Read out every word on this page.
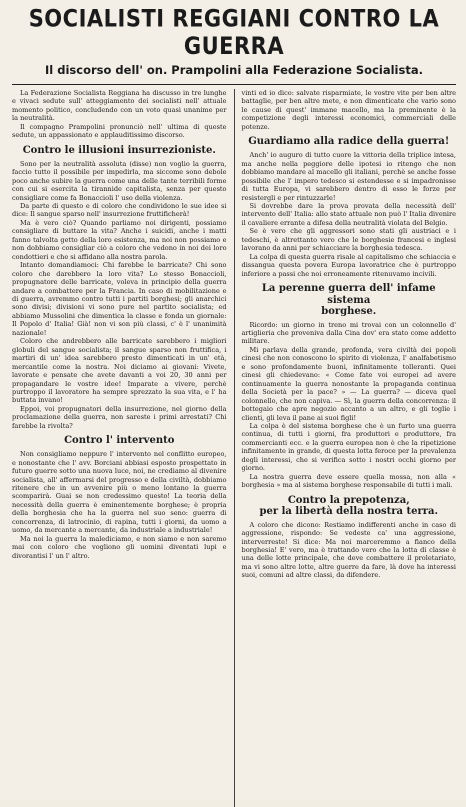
SOCIALISTI REGGIANI CONTRO LA GUERRA
Il discorso dell' on. Prampolini alla Federazione Socialista.

La Federazione Socialista Reggiana ha discusso in tre lunghe e vivaci sedute sull' atteggiamento dei socialisti nell' attuale momento politico, concludendo con un voto quasi unanime per la neutralità.

Il compagno Prampolini pronunciò nell' ultima di queste sedute, un appassionato e applauditissimo discorso.

Contro le illusioni insurrezioniste.

Sono per la neutralità assoluta (disse) non voglio la guerra, faccio tutto il possibile per impedirla, ma siccome sono debole poco anche subire la guerra come una delle tante terribili forme con cui si esercita la tirannide capitalista, senza per questo consigliare come fa Bonaccioli l' uso della violenza.

Da parte di questo e di coloro che condividono le sue idee si dice: Il sangue sparso nell' insurrezione fruttificherà!

Ma è vero ciò? Quando parliamo noi dirigenti, possiamo consigliare di buttare la vita? Anche i suicidi, anche i matti fanno talvolta getto della loro esistenza, ma noi non possiamo e non dobbiamo consigliar ciò a coloro che vedono in noi dei loro condottieri e che si affidano alla nostra parola.

Intanto domandiamoci: Chi farebbe le barricate? Chi sono coloro che darebbero la loro vita? Lo stesso Bonaccioli, propugnatore delle barricate, voleva in principio della guerra andare a combattere per la Francia. In caso di mobilitazione e di guerra, avremmo contro tutti i partiti borghesi; gli anarchici sono divisi; divisioni vi sono pure nel partito socialista; ed abbiamo Mussolini che dimentica la classe e fonda un giornale: Il Popolo d' Italia! Già! non vi son più classi, c' è l' unanimità nazionale!

Coloro che andrebbero alle barricate sarebbero i migliori globuli del sangue socialista; il sangue sparso non fruttifica, i martiri di un' idea sarebbero presto dimenticati in un' età, mercantile come la nostra. Noi diciamo ai giovani: Vivete, lavorate e pensate che avete davanti a voi 20, 30 anni per propagandare le vostre idee! Imparate a vivere, perchè purtroppo il lavoratore ha sempre sprezzato la sua vita, e l' ha buttata invano!

Eppoi, voi propugnatori della insurrezione, nel giorno della proclamazione della guerra, non sareste i primi arrestati? Chi farebbe la rivolta?

Contro l' intervento

Non consigliamo neppure l' intervento nel conflitto europeo, e nonostante che l' avv. Borciani abbiasi esposto prospettato in futuro guerre sotto una nuova luce, noi, ne crediamo al divenire socialista, all' affermarsi del progresso e della civiltà, dobbiamo ritenere che in un avvenire più o meno lontano la guerra scomparirà. Guai se non credessimo questo! La teoria della necessità della guerra è eminentemente borghese; è propria della borghesia che ha la guerra nel suo seno: guerra di concorrenza, di latrocinio, di rapina, tutti i giorni, da uomo a uomo, da mercante a mercante, da industriale a industriale!

Ma noi la guerra la malediciamo, e non siamo e non saremo mai con coloro che vogliono gli uomini diventati lupi e divorantisi l' un l' altro.

vinti ed io dico: salvate risparmiate, le vostre vite per ben altre battaglie, per ben altre mete, e non dimenticate che vario sono le cause di quest' immane macello, ma la preminente è la competizione degli interessi economici, commerciali delle potenze.

Guardiamo alla radice della guerra!

Anch' io auguro di tutto cuore la vittoria della triplice intesa, ma anche nella peggiore delle ipotesi io ritengo che non dobbiamo mandare al macello gli italiani, perchè se anche fosse possibile che l' impero tedesco si estendesse e si impadronisse di tutta Europa, vi sarebbero dentro di esso le forze per resistergli e per rintuzzarle!

Si dovrebbe dare la prova provata della necessità dell' intervento dell' Italia: allo stato attuale non può l' Italia divenire il cavaliere errante a difesa della neutralità violata del Belgio.

Se è vero che gli aggressori sono stati gli austriaci e i tedeschi, è altrettanto vero che le borghesie francesi e inglesi lavorano da anni per schiacciare la borghesia tedesca.

La colpa di questa guerra risale al capitalismo che schiaccia e dissangua questa povera Europa lavoratrice che è purtroppo inferiore a passi che noi erroneamente ritenuvamo incivili.

La perenne guerra dell' infame sistema
borghese.

Ricordo: un giorno in treno mi trovai con un colonnello d' artiglieria che proveniva dalla Cina dov' era stato come addetto militare.

Mi parlava della grande, profonda, vera civiltà dei popoli cinesi che non conoscono lo spirito di violenza, l' analfabetismo e sono profondamente buoni, infinitamente tolleranti. Quei cinesi gli chiedevano: « Come fate voi europei ad avere continuamente la guerra nonostante la propaganda continua della Società per la pace? » — La guerra? — diceva quel colonnello, che non capiva. — Sì, la guerra della concorrenza: il bottegaio che apre negozio accanto a un altro, e gli toglie i clienti, gli leva il pane ai suoi figli!

La colpa è del sistema borghese che è un furto una guerra continua, di tutti i giorni, fra produttori e produttore, fra commercianti ecc. e la guerra europea non è che la ripetizione infinitamente in grande, di questa lotta feroce per la prevalenza degli interessi, che si verifica sotto i nostri occhi giorno per giorno.

La nostra guerra deve essere quella mossa, non alla « borghesia » ma al sistema borghese responsabile di tutti i mali.

Contro la prepotenza,
per la libertà della nostra terra.

A coloro che dicono: Restiamo indifferenti anche in caso di aggressione, rispondo: Se vedeste ca' una aggressione, interverreste! Si dice: Ma noi marceremmo a fianco della borghesia! E' vero, ma è trattando vero che la lotta di classe è una delle lotte principale, che deve combattere il proletariato, ma vi sono altre lotte, altre guerre da fare, là dove ha interessi suoi, comuni ad altre classi, da difendere.
